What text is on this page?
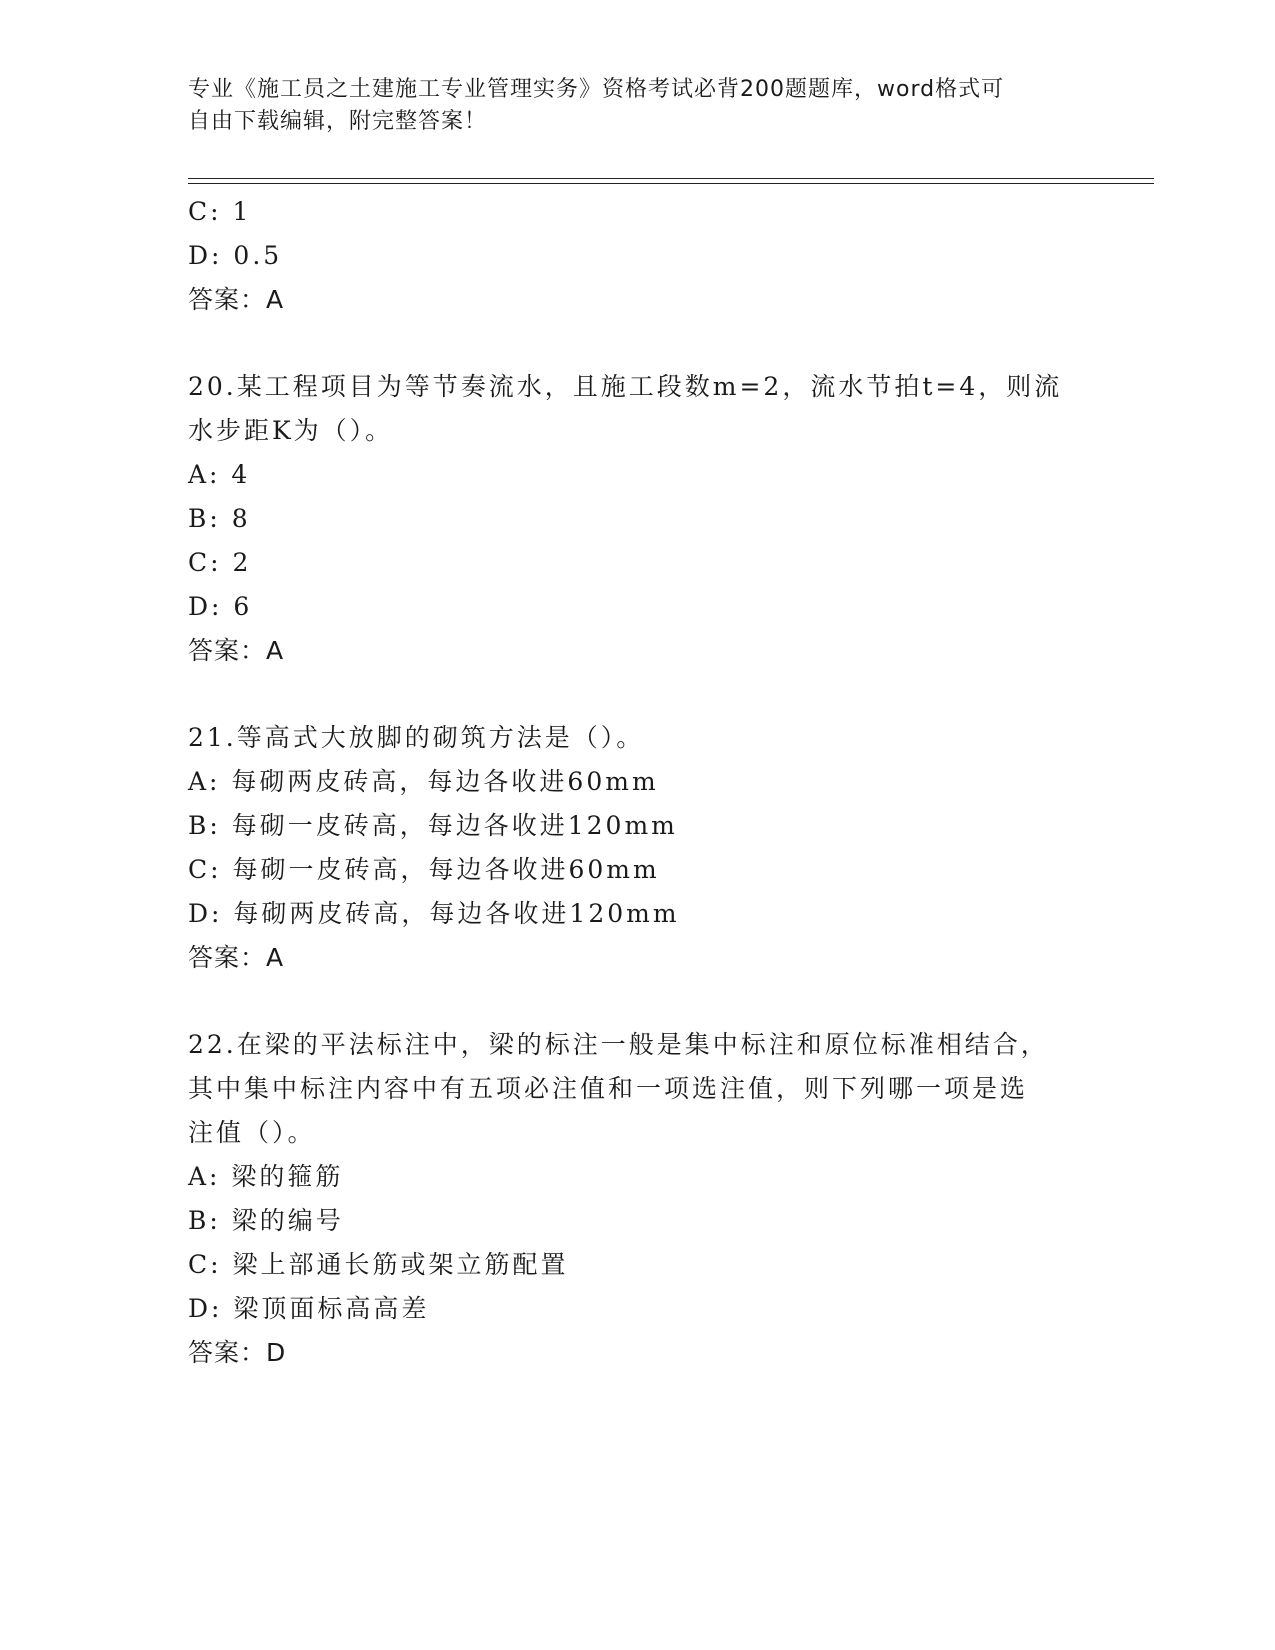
专业《施工员之土建施工专业管理实务》资格考试必背200题题库，word格式可
自由下载编辑，附完整答案！
C: 1
D: 0.5
答案：A
20.某工程项目为等节奏流水，且施工段数m=2，流水节拍t=4，则流
水步距K为（）。
A: 4
B: 8
C: 2
D: 6
答案：A
21.等高式大放脚的砌筑方法是（）。
A: 每砌两皮砖高，每边各收进60mm
B: 每砌一皮砖高，每边各收进120mm
C: 每砌一皮砖高，每边各收进60mm
D: 每砌两皮砖高，每边各收进120mm
答案：A
22.在梁的平法标注中，梁的标注一般是集中标注和原位标准相结合，
其中集中标注内容中有五项必注值和一项选注值，则下列哪一项是选
注值（）。
A: 梁的箍筋
B: 梁的编号
C: 梁上部通长筋或架立筋配置
D: 梁顶面标高高差
答案：D
